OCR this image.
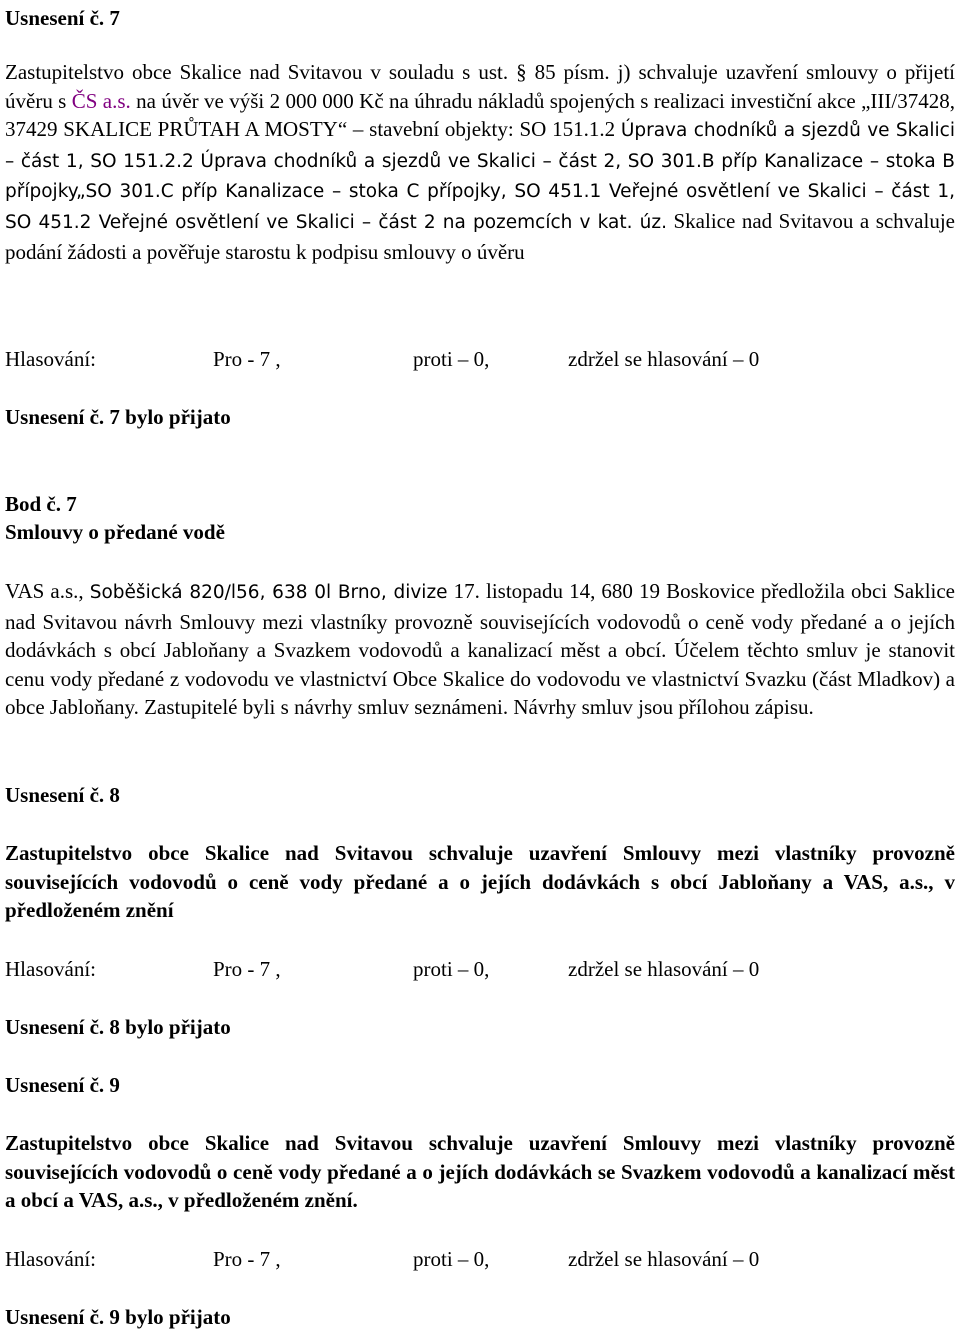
Usnesení č. 7
Zastupitelstvo obce Skalice nad Svitavou v souladu s ust. § 85 písm. j) schvaluje uzavření smlouvy o přijetí úvěru s ČS a.s. na úvěr ve výši 2 000 000 Kč na úhradu nákladů spojených s realizaci investiční akce „III/37428, 37429 SKALICE PRŮTAH A MOSTY“ – stavební objekty: SO 151.1.2 Úprava chodníků a sjezdů ve Skalici – část 1, SO 151.2.2 Úprava chodníků a sjezdů ve Skalici – část 2, SO 301.B příp Kanalizace – stoka B přípojky„SO 301.C příp Kanalizace – stoka C přípojky, SO 451.1 Veřejné osvětlení ve Skalici – část 1, SO 451.2 Veřejné osvětlení ve Skalici – část 2 na pozemcích v kat. úz. Skalice nad Svitavou a schvaluje podání žádosti a pověřuje starostu k podpisu smlouvy o úvěru
Hlasování:	Pro - 7 ,	proti – 0,	zdržel se hlasování – 0
Usnesení č. 7 bylo přijato
Bod č. 7
Smlouvy o předané vodě
VAS a.s., Soběšická 820/l56, 638 0l Brno, divize 17. listopadu 14, 680 19 Boskovice předložila obci Saklice nad Svitavou návrh Smlouvy mezi vlastníky provozně souvisejících vodovodů o ceně vody předané a o jejích dodávkách s obcí Jabloňany a Svazkem vodovodů a kanalizací měst a obcí. Účelem těchto smluv je stanovit cenu vody předané z vodovodu ve vlastnictví Obce Skalice do vodovodu ve vlastnictví Svazku (část Mladkov) a obce Jabloňany. Zastupitelé byli s návrhy smluv seznámeni. Návrhy smluv jsou přílohou zápisu.
Usnesení č. 8
Zastupitelstvo obce Skalice nad Svitavou schvaluje uzavření Smlouvy mezi vlastníky provozně souvisejících vodovodů o ceně vody předané a o jejích dodávkách s obcí Jabloňany a VAS, a.s., v předloženém znění
Hlasování:	Pro - 7 ,	proti – 0,	zdržel se hlasování – 0
Usnesení č. 8 bylo přijato
Usnesení č. 9
Zastupitelstvo obce Skalice nad Svitavou schvaluje uzavření Smlouvy mezi vlastníky provozně souvisejících vodovodů o ceně vody předané a o jejích dodávkách se Svazkem vodovodů a kanalizací měst a obcí a VAS, a.s., v předloženém znění.
Hlasování:	Pro - 7 ,	proti – 0,	zdržel se hlasování – 0
Usnesení č. 9 bylo přijato
